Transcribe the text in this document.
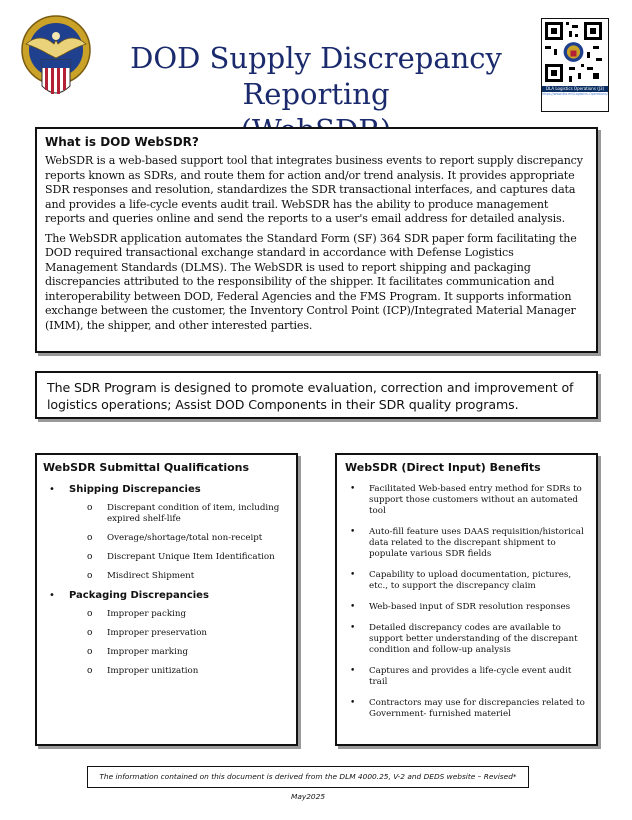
DOD Supply Discrepancy Reporting	DLA Logistics Operations (J3)
https://www.dla.mil/Logistics-Operations/
What is DOD WebSDR?

WebSDR is a web-based support tool that integrates business events to report supply discrepancy reports known as SDRs, and route them for action and/or trend analysis. It provides appropriate SDR responses and resolution, standardizes the SDR transactional interfaces, and captures data and provides a life-cycle events audit trail. WebSDR has the ability to produce management reports and queries online and send the reports to a user's email address for detailed analysis.

The WebSDR application automates the Standard Form (SF) 364 SDR paper form facilitating the DOD required transactional exchange standard in accordance with Defense Logistics Management Standards (DLMS). The WebSDR is used to report shipping and packaging discrepancies attributed to the responsibility of the shipper. It facilitates communication and interoperability between DOD, Federal Agencies and the FMS Program. It supports information exchange between the customer, the Inventory Control Point (ICP)/Integrated Material Manager (IMM), the shipper, and other interested parties.

The SDR Program is designed to promote evaluation, correction and improvement of logistics operations; Assist DOD Components in their SDR quality programs.

WebSDR Submittal Qualifications
• Shipping Discrepancies
o Discrepant condition of item, including expired shelf-life
o Overage/shortage/total non-receipt
o Discrepant Unique Item Identification
o Misdirect Shipment
• Packaging Discrepancies
o Improper packing
o Improper preservation
o Improper marking
o Improper unitization
WebSDR (Direct Input) Benefits
• Facilitated Web-based entry method for SDRs to support those customers without an automated tool
• Auto-fill feature uses DAAS requisition/historical data related to the discrepant shipment to populate various SDR fields
• Capability to upload documentation, pictures, etc., to support the discrepancy claim
• Web-based input of SDR resolution responses
• Detailed discrepancy codes are available to support better understanding of the discrepant condition and follow-up analysis
• Captures and provides a life-cycle event audit trail
• Contractors may use for discrepancies related to Government- furnished materiel
The information contained on this document is derived from the DLM 4000.25, V-2 and DEDS website – Revised* May2025
